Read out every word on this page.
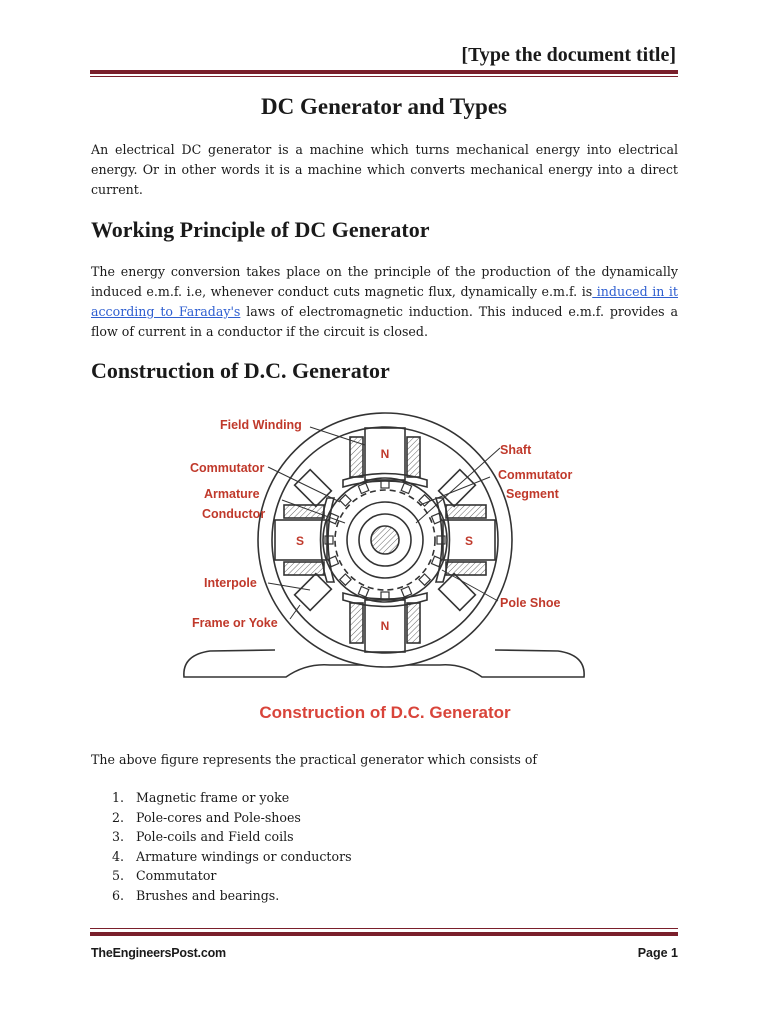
[Type the document title]
DC Generator and Types
An electrical DC generator is a machine which turns mechanical energy into electrical energy. Or in other words it is a machine which converts mechanical energy into a direct current.
Working Principle of DC Generator
The energy conversion takes place on the principle of the production of the dynamically induced e.m.f. i.e, whenever conduct cuts magnetic flux, dynamically e.m.f. is induced in it according to Faraday's laws of electromagnetic induction. This induced e.m.f. provides a flow of current in a conductor if the circuit is closed.
Construction of D.C. Generator
N
N
S	S
Field Winding
Commutator
Armature
Conductor
Interpole
Frame or Yoke
Shaft
Commutator
Segment
Pole Shoe
Construction of D.C. Generator
The above figure represents the practical generator which consists of
1. Magnetic frame or yoke
2. Pole-cores and Pole-shoes
3. Pole-coils and Field coils
4. Armature windings or conductors
5. Commutator
6. Brushes and bearings.
TheEngineersPost.com	Page 1
